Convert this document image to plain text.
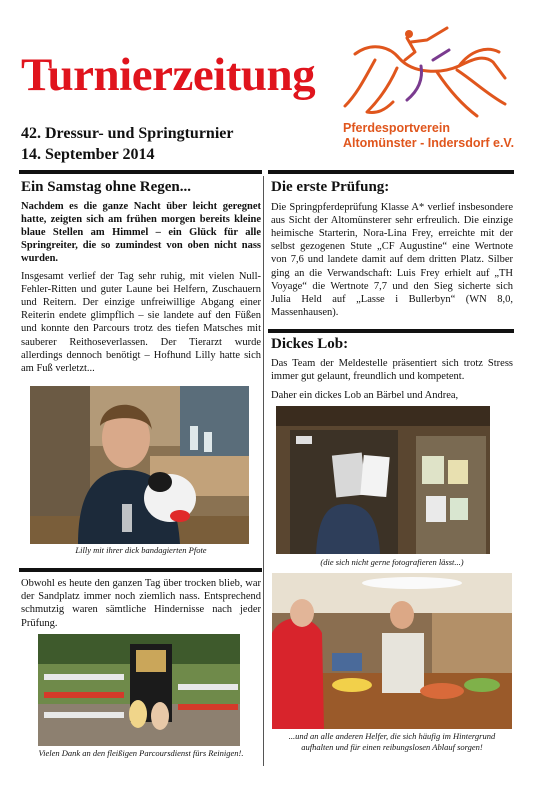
Turnierzeitung
42. Dressur- und Springturnier
14. September 2014
Pferdesportverein
Altomünster - Indersdorf e.V.
Ein Samstag ohne Regen...

Nachdem es die ganze Nacht über leicht geregnet hatte, zeigten sich am frühen morgen bereits kleine blaue Stellen am Himmel – ein Glück für alle Springreiter, die so zumindest von oben nicht nass wurden.

Insgesamt verlief der Tag sehr ruhig, mit vielen Null-Fehler-Ritten und guter Laune bei Helfern, Zuschauern und Reitern. Der einzige unfreiwillige Abgang einer Reiterin endete glimpflich – sie landete auf den Füßen und konnte den Parcours trotz des tiefen Matsches mit sauberer Reithoseverlassen. Der Tierarzt wurde allerdings dennoch benötigt – Hofhund Lilly hatte sich am Fuß verletzt...

Lilly mit ihrer dick bandagierten Pfote

Obwohl es heute den ganzen Tag über trocken blieb, war der Sandplatz immer noch ziemlich nass. Entsprechend schmutzig waren sämtliche Hindernisse nach jeder Prüfung.

Vielen Dank an den fleißigen Parcoursdienst fürs Reinigen!.
Die erste Prüfung:

Die Springpferdeprüfung Klasse A* verlief insbesondere aus Sicht der Altomünsterer sehr erfreulich. Die einzige heimische Starterin, Nora-Lina Frey, erreichte mit der selbst gezogenen Stute „CF Augustine“ eine Wertnote von 7,6 und landete damit auf dem dritten Platz. Silber ging an die Verwandschaft: Luis Frey erhielt auf „TH Voyage“ die Wertnote 7,7 und den Sieg sicherte sich Julia Held auf „Lasse i Bullerbyn“ (WN 8,0, Massenhausen).

Dickes Lob:

Das Team der Meldestelle präsentiert sich trotz Stress immer gut gelaunt, freundlich und kompetent.

Daher ein dickes Lob an Bärbel und Andrea,

(die sich nicht gerne fotografieren lässt...)
...und an alle anderen Helfer, die sich häufig im Hintergrund aufhalten und für einen reibungslosen Ablauf sorgen!
